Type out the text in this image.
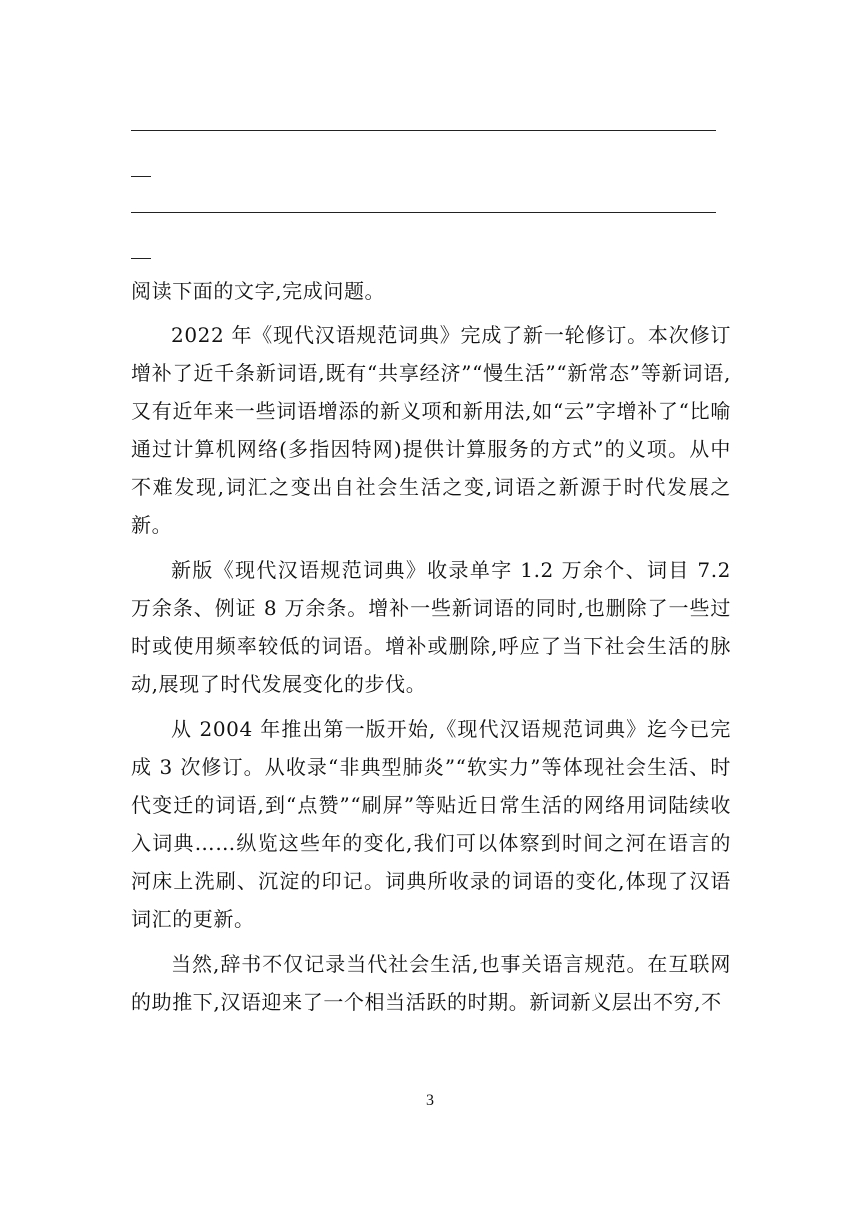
阅读下面的文字,完成问题。

2022 年《现代汉语规范词典》完成了新一轮修订。本次修订增补了近千条新词语,既有“共享经济”“慢生活”“新常态”等新词语,又有近年来一些词语增添的新义项和新用法,如“云”字增补了“比喻通过计算机网络(多指因特网)提供计算服务的方式”的义项。从中不难发现,词汇之变出自社会生活之变,词语之新源于时代发展之新。

新版《现代汉语规范词典》收录单字 1.2 万余个、词目 7.2 万余条、例证 8 万余条。增补一些新词语的同时,也删除了一些过时或使用频率较低的词语。增补或删除,呼应了当下社会生活的脉动,展现了时代发展变化的步伐。

从 2004 年推出第一版开始,《现代汉语规范词典》迄今已完成 3 次修订。从收录“非典型肺炎”“软实力”等体现社会生活、时代变迁的词语,到“点赞”“刷屏”等贴近日常生活的网络用词陆续收入词典……纵览这些年的变化,我们可以体察到时间之河在语言的河床上洗刷、沉淀的印记。词典所收录的词语的变化,体现了汉语词汇的更新。

当然,辞书不仅记录当代社会生活,也事关语言规范。在互联网的助推下,汉语迎来了一个相当活跃的时期。新词新义层出不穷,不

3
